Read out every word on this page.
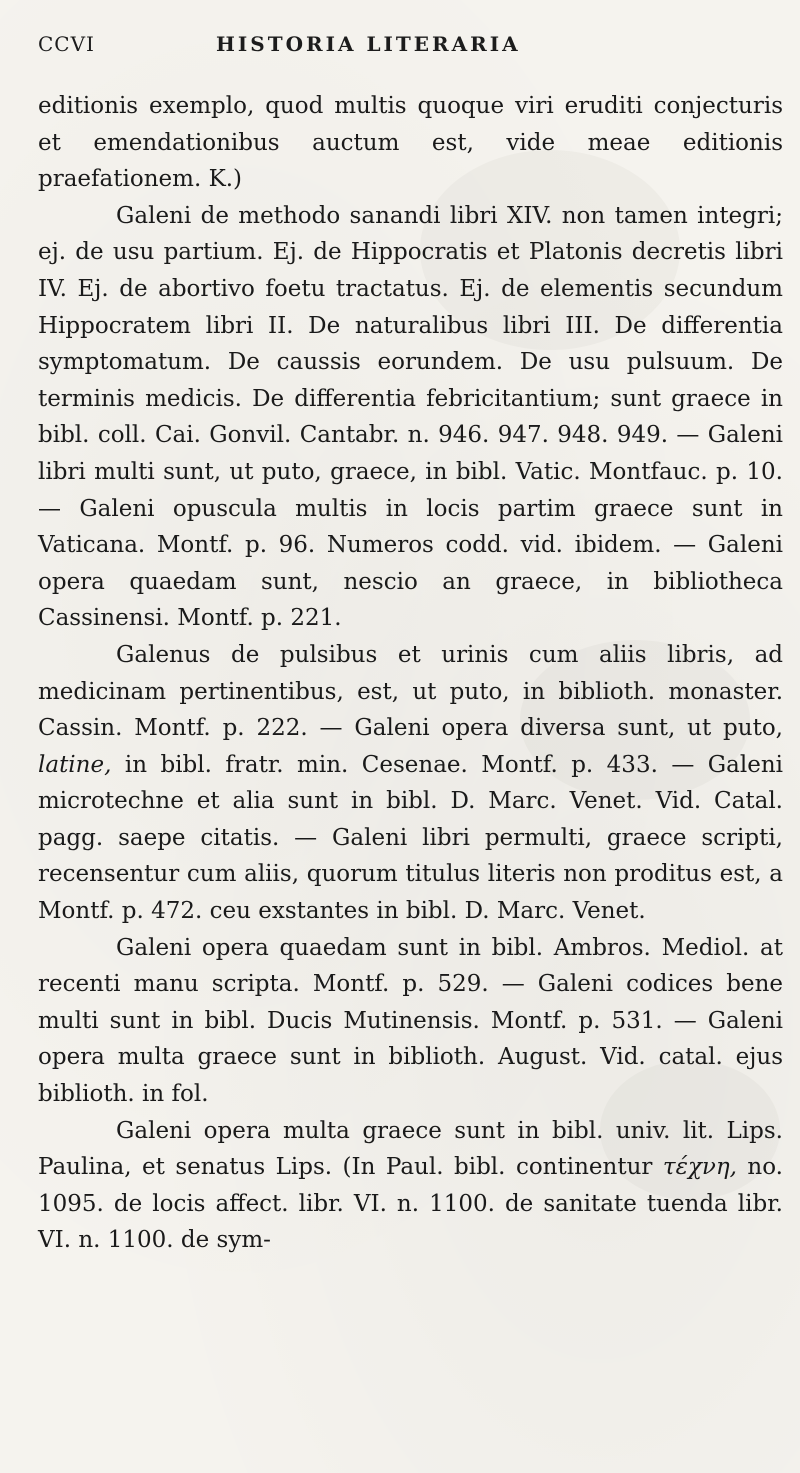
CCVI	HISTORIA LITERARIA

editionis exemplo, quod multis quoque viri eruditi conjecturis et emendationibus auctum est, vide meae editionis praefationem. K.)

Galeni de methodo sanandi libri XIV. non tamen integri; ej. de usu partium. Ej. de Hippocratis et Platonis decretis libri IV. Ej. de abortivo foetu tractatus. Ej. de elementis secundum Hippocratem libri II. De naturalibus libri III. De differentia symptomatum. De caussis eorundem. De usu pulsuum. De terminis medicis. De differentia febricitantium; sunt graece in bibl. coll. Cai. Gonvil. Cantabr. n. 946. 947. 948. 949. — Galeni libri multi sunt, ut puto, graece, in bibl. Vatic. Montfauc. p. 10. — Galeni opuscula multis in locis partim graece sunt in Vaticana. Montf. p. 96. Numeros codd. vid. ibidem. — Galeni opera quaedam sunt, nescio an graece, in bibliotheca Cassinensi. Montf. p. 221.

Galenus de pulsibus et urinis cum aliis libris, ad medicinam pertinentibus, est, ut puto, in biblioth. monaster. Cassin. Montf. p. 222. — Galeni opera diversa sunt, ut puto, latine, in bibl. fratr. min. Cesenae. Montf. p. 433. — Galeni microtechne et alia sunt in bibl. D. Marc. Venet. Vid. Catal. pagg. saepe citatis. — Galeni libri permulti, graece scripti, recensentur cum aliis, quorum titulus literis non proditus est, a Montf. p. 472. ceu exstantes in bibl. D. Marc. Venet.

Galeni opera quaedam sunt in bibl. Ambros. Mediol. at recenti manu scripta. Montf. p. 529. — Galeni codices bene multi sunt in bibl. Ducis Mutinensis. Montf. p. 531. — Galeni opera multa graece sunt in biblioth. August. Vid. catal. ejus biblioth. in fol.

Galeni opera multa graece sunt in bibl. univ. lit. Lips. Paulina, et senatus Lips. (In Paul. bibl. continentur τέχνη, no. 1095. de locis affect. libr. VI. n. 1100. de sanitate tuenda libr. VI. n. 1100. de sym-
